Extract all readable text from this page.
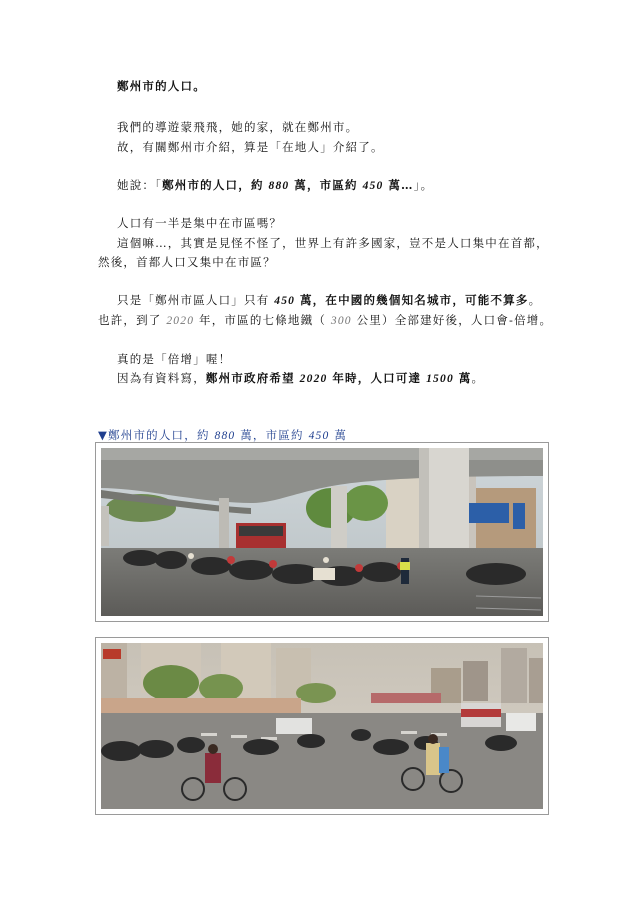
鄭州市的人口。
我們的導遊蒙飛飛，她的家，就在鄭州市。
故，有關鄭州市介紹，算是「在地人」介紹了。
她說：「鄭州市的人口，約 880 萬，市區約 450 萬…」。
人口有一半是集中在市區嗎？
這個嘛…，其實是見怪不怪了，世界上有許多國家，豈不是人口集中在首都，
然後，首都人口又集中在市區？
只是「鄭州市區人口」只有 450 萬，在中國的幾個知名城市，可能不算多。
也許，到了 2020 年，市區的七條地鐵（ 300 公里）全部建好後，人口會-倍增。
真的是「倍增」喔！
因為有資料寫，鄭州市政府希望 2020 年時，人口可達 1500 萬。
▼鄭州市的人口，約 880 萬，市區約 450 萬
